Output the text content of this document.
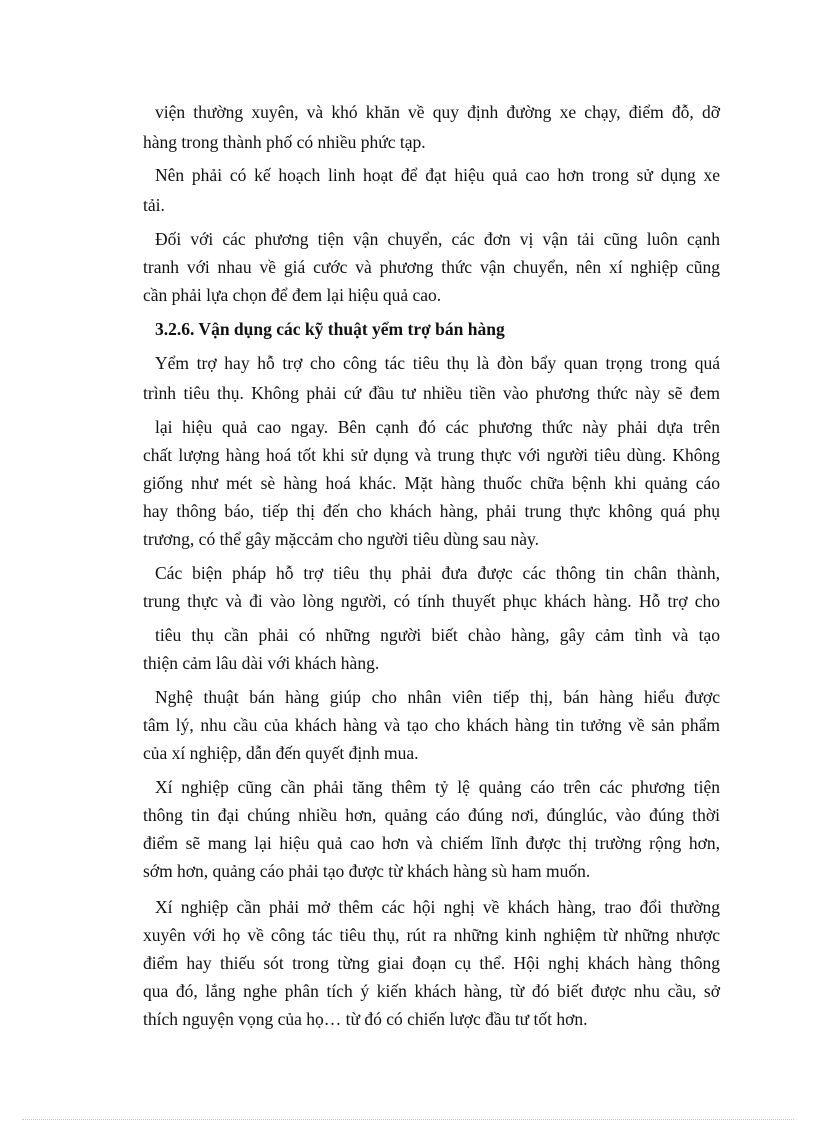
viện thường xuyên, và khó khăn về quy định đường xe chạy, điểm đỗ, dỡ
hàng trong thành phố có nhiều phức tạp.
Nên phải có kế hoạch linh hoạt để đạt hiệu quả cao hơn trong sử dụng xe
tải.
Đối với các phương tiện vận chuyển, các đơn vị vận tải cũng luôn cạnh
tranh với nhau về giá cước và phương thức vận chuyển, nên xí nghiệp cũng
cần phải lựa chọn để đem lại hiệu quả cao.
3.2.6. Vận dụng các kỹ thuật yểm trợ bán hàng
Yểm trợ hay hỗ trợ cho công tác tiêu thụ là đòn bẩy quan trọng trong quá
trình tiêu thụ. Không phải cứ đầu tư nhiều tiền vào phương thức này sẽ đem
lại hiệu quả cao ngay. Bên cạnh đó các phương thức này phải dựa trên
chất lượng hàng hoá tốt khi sử dụng và trung thực với người tiêu dùng. Không
giống như mét sè hàng hoá khác. Mặt hàng thuốc chữa bệnh khi quảng cáo
hay thông báo, tiếp thị đến cho khách hàng, phải trung thực không quá phụ
trương, có thể gây mặccảm cho người tiêu dùng sau này.
Các biện pháp hỗ trợ tiêu thụ phải đưa được các thông tin chân thành,
trung thực và đi vào lòng người, có tính thuyết phục khách hàng. Hỗ trợ cho
tiêu thụ cần phải có những người biết chào hàng, gây cảm tình và tạo
thiện cảm lâu dài với khách hàng.
Nghệ thuật bán hàng giúp cho nhân viên tiếp thị, bán hàng hiểu được
tâm lý, nhu cầu của khách hàng và tạo cho khách hàng tin tưởng về sản phẩm
của xí nghiệp, dẫn đến quyết định mua.
Xí nghiệp cũng cần phải tăng thêm tỷ lệ quảng cáo trên các phương tiện
thông tin đại chúng nhiều hơn, quảng cáo đúng nơi, đúnglúc, vào đúng thời
điểm sẽ mang lại hiệu quả cao hơn và chiếm lĩnh được thị trường rộng hơn,
sớm hơn, quảng cáo phải tạo được từ khách hàng sù ham muốn.
Xí nghiệp cần phải mở thêm các hội nghị về khách hàng, trao đổi thường
xuyên với họ về công tác tiêu thụ, rút ra những kinh nghiệm từ những nhược
điểm hay thiếu sót trong từng giai đoạn cụ thể. Hội nghị khách hàng thông
qua đó, lắng nghe phân tích ý kiến khách hàng, từ đó biết được nhu cầu, sở
thích nguyện vọng của họ… từ đó có chiến lược đầu tư tốt hơn.
